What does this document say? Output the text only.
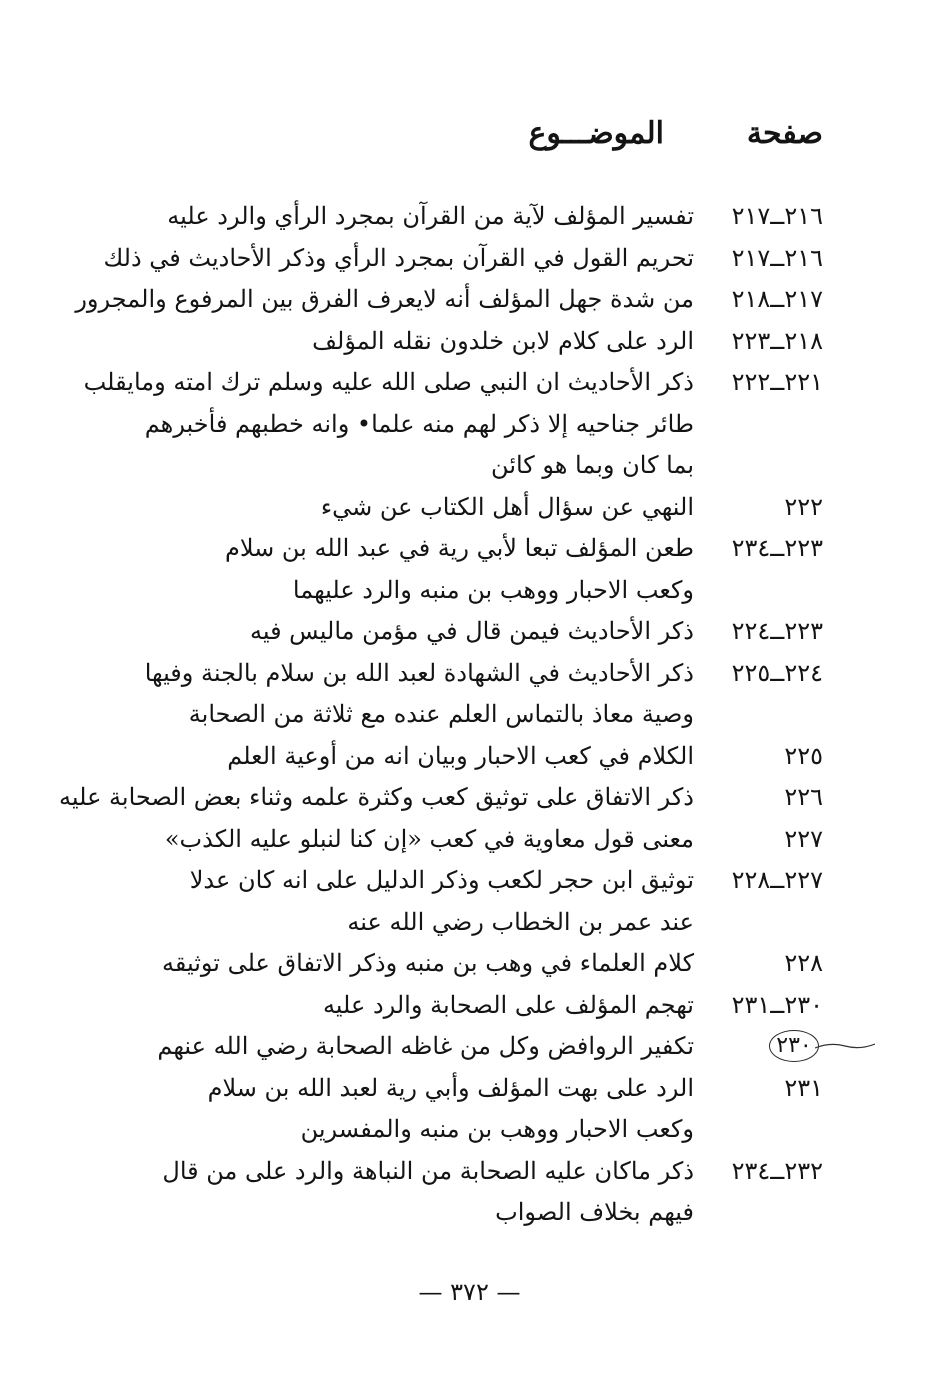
صفحة
الموضـــوع
٢١٦ــ٢١٧
تفسير المؤلف لآية من القرآن بمجرد الرأي والرد عليه
٢١٦ــ٢١٧
تحريم القول في القرآن بمجرد الرأي وذكر الأحاديث في ذلك
٢١٧ــ٢١٨
من شدة جهل المؤلف أنه لايعرف الفرق بين المرفوع والمجرور
٢١٨ــ٢٢٣
الرد على كلام لابن خلدون نقله المؤلف
٢٢١ــ٢٢٢
ذكر الأحاديث ان النبي صلى الله عليه وسلم ترك امته ومايقلب
طائر جناحيه إلا ذكر لهم منه علما• وانه خطبهم فأخبرهم
بما كان وبما هو كائن
٢٢٢
النهي عن سؤال أهل الكتاب عن شيء
٢٢٣ــ٢٣٤
طعن المؤلف تبعا لأبي رية في عبد الله بن سلام
وكعب الاحبار ووهب بن منبه والرد عليهما
٢٢٣ــ٢٢٤
ذكر الأحاديث فيمن قال في مؤمن ماليس فيه
٢٢٤ــ٢٢٥
ذكر الأحاديث في الشهادة لعبد الله بن سلام بالجنة وفيها
وصية معاذ بالتماس العلم عنده مع ثلاثة من الصحابة
٢٢٥
الكلام في كعب الاحبار وبيان انه من أوعية العلم
٢٢٦
ذكر الاتفاق على توثيق كعب وكثرة علمه وثناء بعض الصحابة عليه
٢٢٧
معنى قول معاوية في كعب «إن كنا لنبلو عليه الكذب»
٢٢٧ــ٢٢٨
توثيق ابن حجر لكعب وذكر الدليل على انه كان عدلا
عند عمر بن الخطاب رضي الله عنه
٢٢٨
كلام العلماء في وهب بن منبه وذكر الاتفاق على توثيقه
٢٣٠ــ٢٣١
تهجم المؤلف على الصحابة والرد عليه
٢٣٠
تكفير الروافض وكل من غاظه الصحابة رضي الله عنهم
٢٣١
الرد على بهت المؤلف وأبي رية لعبد الله بن سلام
وكعب الاحبار ووهب بن منبه والمفسرين
٢٣٢ــ٢٣٤
ذكر ماكان عليه الصحابة من النباهة والرد على من قال
فيهم بخلاف الصواب
— ٣٧٢ —
